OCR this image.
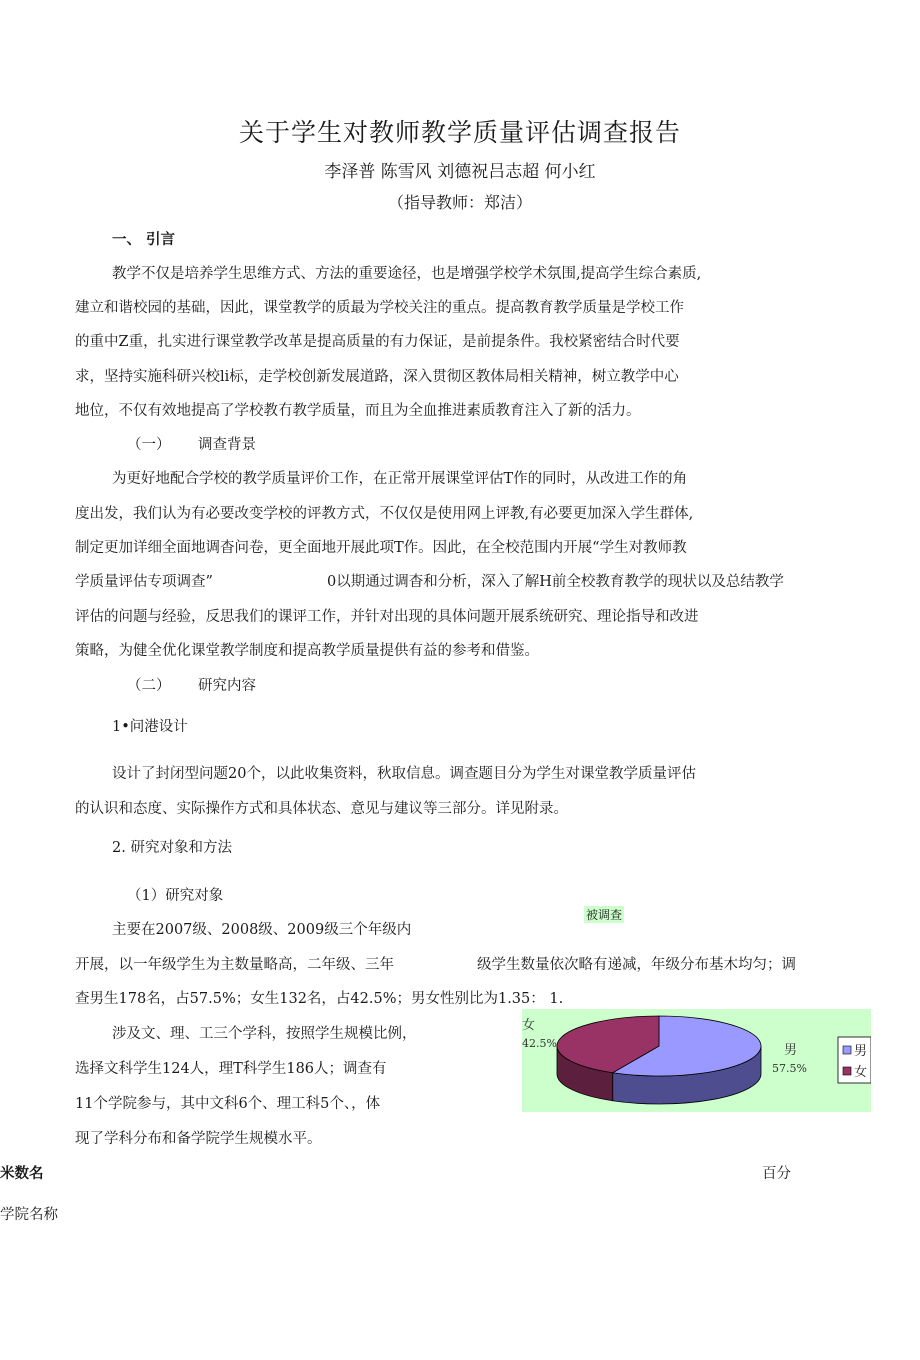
关于学生对教师教学质量评估调查报告
李泽普 陈雪风 刘德祝吕志超 何小红
（指导教师：郑洁）
一、 引言
教学不仅是培养学生思维方式、方法的重要途径，也是增强学校学术氛围,提高学生综合素质,
建立和谐校园的基础，因此，课堂教学的质最为学校关注的重点。提高教育教学质量是学校工作
的重中Z重，扎实进行课堂教学改革是提高质量的有力保证，是前提条件。我校紧密结合时代要
求，坚持实施科研兴校li标，走学校创新发展道路，深入贯彻区教体局相关精神，树立教学中心
地位，不仅有效地提高了学校教冇教学质量，而且为全血推进素质教育注入了新的活力。
（一） 调查背景
为更好地配合学校的教学质量评价工作，在正常开展课堂评估T作的同时，从改进工作的角
度出发，我们认为有必要改变学校的评教方式，不仅仅是使用网上评教,有必要更加深入学生群体,
制定更加详细全面地调杳问卷，更全面地开展此项T作。因此，在全校范围内开展“学生对教师教
学质量评估专项调查”	0以期通过调杳和分析，深入了解H前全校教育教学的现状以及总结教学
评估的问题与经验，反思我们的课评工作，并针对出现的具体问题开展系统研究、理论指导和改进
策略，为健全优化课堂教学制度和提高教学质量提供有益的参考和借鉴。
（二） 研究内容
1•问港设计
设计了封闭型问题20个，以此收集资料，秋取信息。调查题目分为学生对课堂教学质量评估
的认识和态度、实际操作方式和具体状态、意见与建议等三部分。详见附录。
2. 研究对象和方法
（1）研究对象
主要在2007级、2008级、2009级三个年级内
开展，以一年级学生为主数量略高，二年级、三年	级学生数量依次略有递减，年级分布基木均匀；调
查男生178名，占57.5%；女生132名，占42.5%；男女性别比为1.35： 1.
涉及文、理、工三个学科，按照学生规模比例，
选择文科学生124人，理T科学生186人；调查有
11个学院参与，其中文科6个、理工科5个、，体
现了学科分布和备学院学生规模水平。
米数名	百分
学院名称
被调查
男
57.5%
女
42.5%
男
女
